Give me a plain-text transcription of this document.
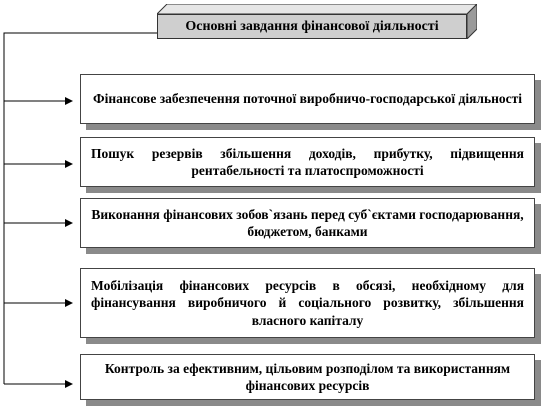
Основні завдання фінансової діяльності
Фінансове забезпечення поточної виробничо-господарської діяльності
Пошук резервів збільшення доходів, прибутку, підвищення рентабельності та платоспроможності
Виконання фінансових зобов`язань перед суб`єктами господарювання, бюджетом, банками
Мобілізація фінансових ресурсів в обсязі, необхідному для фінансування виробничого й соціального розвитку, збільшення власного капіталу
Контроль за ефективним, цільовим розподілом та використанням фінансових ресурсів
